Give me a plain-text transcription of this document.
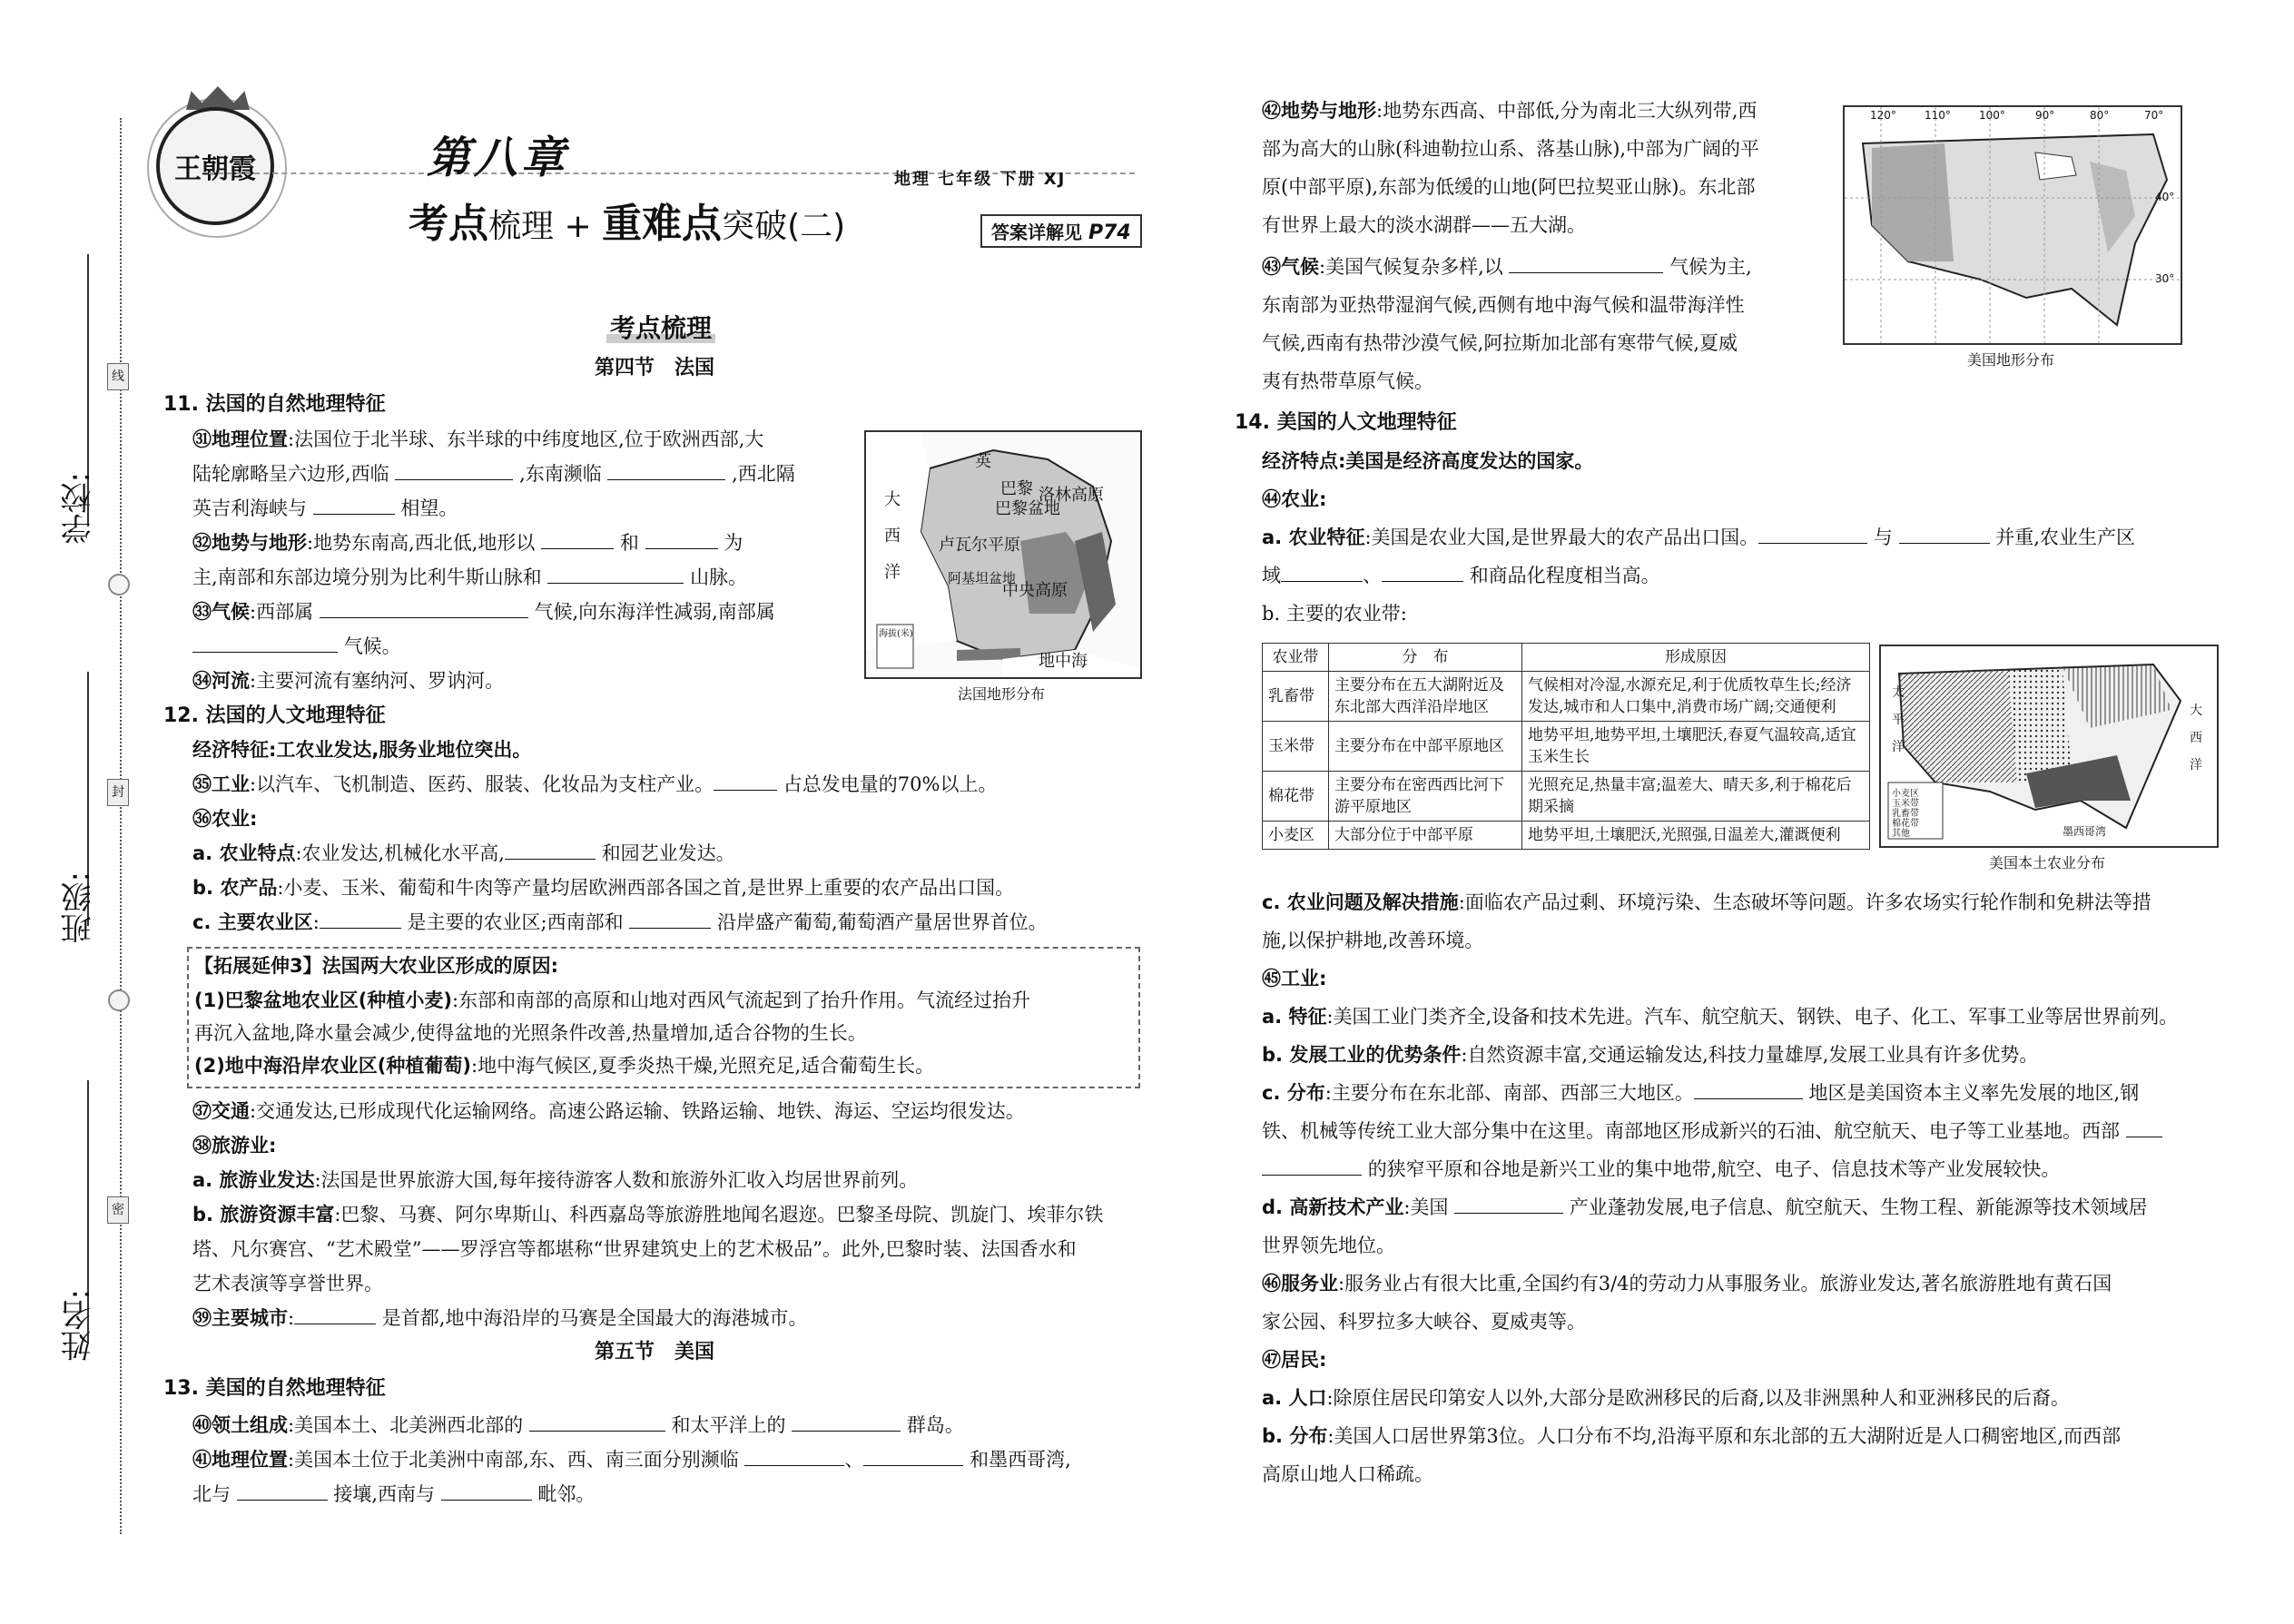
学校:
班级:
姓名:
线
封
密
王朝霞	第八章
考点梳理 + 重难点突破(二)
地理 七年级 下册 XJ
答案详解见 P74
考点梳理
第四节　法国
11. 法国的自然地理特征
㉛地理位置:法国位于北半球、东半球的中纬度地区,位于欧洲西部,大
陆轮廓略呈六边形,西临	,东南濒临	,西北隔
英吉利海峡与	相望。
㉜地势与地形:地势东南高,西北低,地形以	和	为
主,南部和东部边境分别为比利牛斯山脉和	山脉。
㉝气候:西部属	气候,向东海洋性减弱,南部属
气候。
㉞河流:主要河流有塞纳河、罗讷河。
英
大
西
洋
巴黎
巴黎盆地
洛林高原
卢瓦尔平原
阿基坦盆地
中央高原
地中海
海拔(米)
法国地形分布
12. 法国的人文地理特征
经济特征:工农业发达,服务业地位突出。
㉟工业:以汽车、飞机制造、医药、服装、化妆品为支柱产业。	占总发电量的70%以上。
㊱农业:
a. 农业特点:农业发达,机械化水平高,	和园艺业发达。
b. 农产品:小麦、玉米、葡萄和牛肉等产量均居欧洲西部各国之首,是世界上重要的农产品出口国。
c. 主要农业区:	是主要的农业区;西南部和	沿岸盛产葡萄,葡萄酒产量居世界首位。
【拓展延伸3】法国两大农业区形成的原因:
(1)巴黎盆地农业区(种植小麦):东部和南部的高原和山地对西风气流起到了抬升作用。气流经过抬升
再沉入盆地,降水量会减少,使得盆地的光照条件改善,热量增加,适合谷物的生长。
(2)地中海沿岸农业区(种植葡萄):地中海气候区,夏季炎热干燥,光照充足,适合葡萄生长。
㊲交通:交通发达,已形成现代化运输网络。高速公路运输、铁路运输、地铁、海运、空运均很发达。
㊳旅游业:
a. 旅游业发达:法国是世界旅游大国,每年接待游客人数和旅游外汇收入均居世界前列。
b. 旅游资源丰富:巴黎、马赛、阿尔卑斯山、科西嘉岛等旅游胜地闻名遐迩。巴黎圣母院、凯旋门、埃菲尔铁
塔、凡尔赛宫、“艺术殿堂”——罗浮宫等都堪称“世界建筑史上的艺术极品”。此外,巴黎时装、法国香水和
艺术表演等享誉世界。
㊴主要城市:	是首都,地中海沿岸的马赛是全国最大的海港城市。
第五节　美国
13. 美国的自然地理特征
㊵领土组成:美国本土、北美洲西北部的	和太平洋上的	群岛。
㊶地理位置:美国本土位于北美洲中南部,东、西、南三面分别濒临	、	和墨西哥湾,
北与	接壤,西南与	毗邻。
㊷地势与地形:地势东西高、中部低,分为南北三大纵列带,西
部为高大的山脉(科迪勒拉山系、落基山脉),中部为广阔的平
原(中部平原),东部为低缓的山地(阿巴拉契亚山脉)。东北部
有世界上最大的淡水湖群——五大湖。
㊸气候:美国气候复杂多样,以	气候为主,
东南部为亚热带湿润气候,西侧有地中海气候和温带海洋性
气候,西南有热带沙漠气候,阿拉斯加北部有寒带气候,夏威
夷有热带草原气候。
120°	110°	100°	90°	80°	70°
40°
30°
美国地形分布
14. 美国的人文地理特征
经济特点:美国是经济高度发达的国家。
㊹农业:
a. 农业特征:美国是农业大国,是世界最大的农产品出口国。	与	并重,农业生产区
域	、	和商品化程度相当高。
b. 主要的农业带:
农业带	分　布	形成原因
乳畜带	主要分布在五大湖附近及东北部大西洋沿岸地区	气候相对冷湿,水源充足,利于优质牧草生长;经济发达,城市和人口集中,消费市场广阔;交通便利
玉米带	主要分布在中部平原地区	地势平坦,地势平坦,土壤肥沃,春夏气温较高,适宜玉米生长
棉花带	主要分布在密西西比河下游平原地区	光照充足,热量丰富;温差大、晴天多,利于棉花后期采摘
小麦区	大部分位于中部平原	地势平坦,土壤肥沃,光照强,日温差大,灌溉便利
太
平
洋
大
西
洋
小麦区
玉米带
乳畜带
棉花带
其他	墨西哥湾
美国本土农业分布
c. 农业问题及解决措施:面临农产品过剩、环境污染、生态破坏等问题。许多农场实行轮作制和免耕法等措
施,以保护耕地,改善环境。
㊺工业:
a. 特征:美国工业门类齐全,设备和技术先进。汽车、航空航天、钢铁、电子、化工、军事工业等居世界前列。
b. 发展工业的优势条件:自然资源丰富,交通运输发达,科技力量雄厚,发展工业具有许多优势。
c. 分布:主要分布在东北部、南部、西部三大地区。	地区是美国资本主义率先发展的地区,钢
铁、机械等传统工业大部分集中在这里。南部地区形成新兴的石油、航空航天、电子等工业基地。西部
的狭窄平原和谷地是新兴工业的集中地带,航空、电子、信息技术等产业发展较快。
d. 高新技术产业:美国	产业蓬勃发展,电子信息、航空航天、生物工程、新能源等技术领域居
世界领先地位。
㊻服务业:服务业占有很大比重,全国约有3/4的劳动力从事服务业。旅游业发达,著名旅游胜地有黄石国
家公园、科罗拉多大峡谷、夏威夷等。
㊼居民:
a. 人口:除原住居民印第安人以外,大部分是欧洲移民的后裔,以及非洲黑种人和亚洲移民的后裔。
b. 分布:美国人口居世界第3位。人口分布不均,沿海平原和东北部的五大湖附近是人口稠密地区,而西部
高原山地人口稀疏。
